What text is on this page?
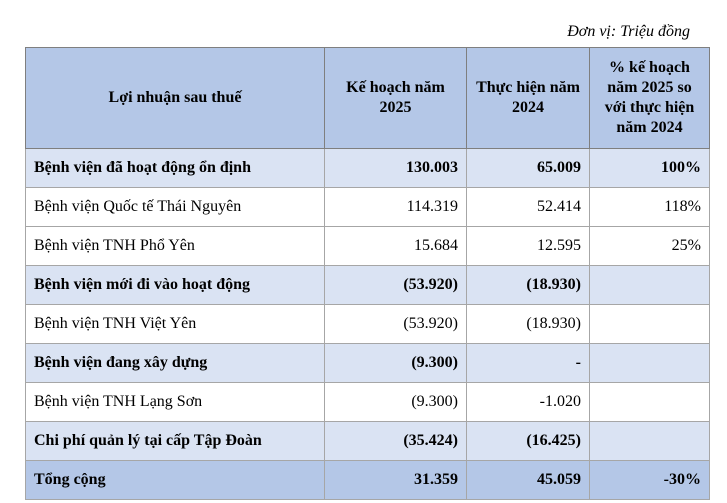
Đơn vị: Triệu đồng
Lợi nhuận sau thuế	Kế hoạch năm 2025	Thực hiện năm 2024	% kế hoạch năm 2025 so với thực hiện năm 2024
Bệnh viện đã hoạt động ổn định	130.003	65.009	100%
Bệnh viện Quốc tế Thái Nguyên	114.319	52.414	118%
Bệnh viện TNH Phổ Yên	15.684	12.595	25%
Bệnh viện mới đi vào hoạt động	(53.920)	(18.930)	
Bệnh viện TNH Việt Yên	(53.920)	(18.930)	
Bệnh viện đang xây dựng	(9.300)	-	
Bệnh viện TNH Lạng Sơn	(9.300)	-1.020	
Chi phí quản lý tại cấp Tập Đoàn	(35.424)	(16.425)	
Tổng cộng	31.359	45.059	-30%
